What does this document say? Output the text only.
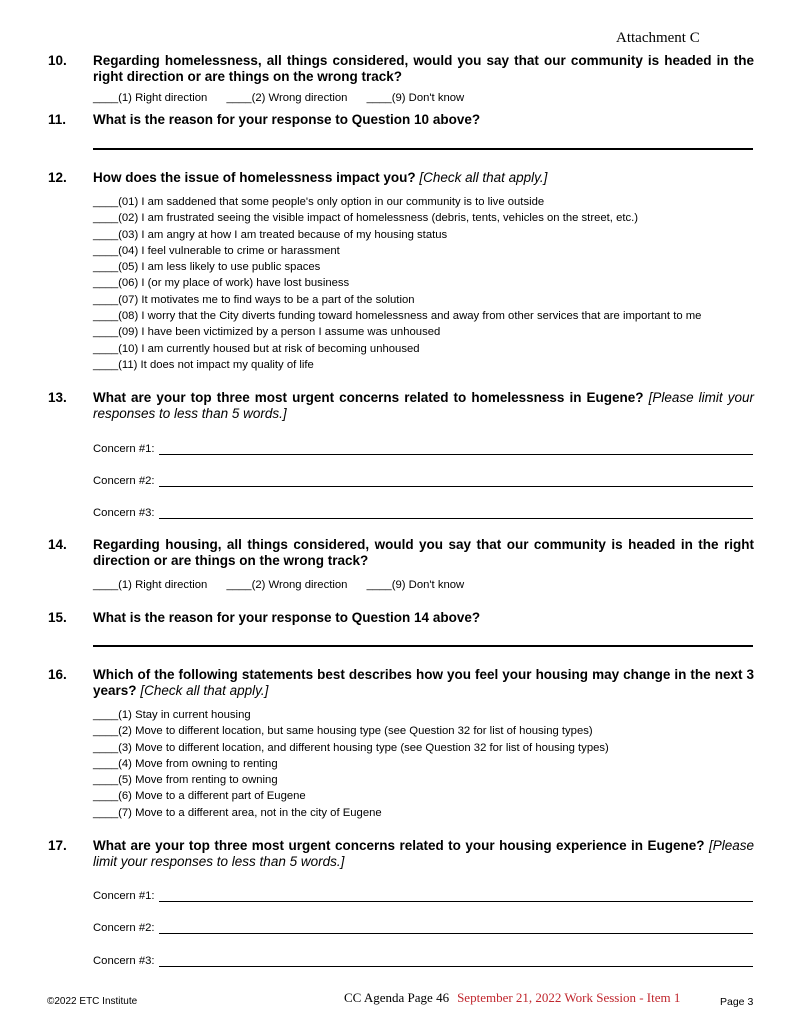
Attachment C
10. Regarding homelessness, all things considered, would you say that our community is headed in the right direction or are things on the wrong track?
____(1) Right direction ____(2) Wrong direction ____(9) Don't know
11. What is the reason for your response to Question 10 above?
12. How does the issue of homelessness impact you? [Check all that apply.]
____(01) I am saddened that some people's only option in our community is to live outside
____(02) I am frustrated seeing the visible impact of homelessness (debris, tents, vehicles on the street, etc.)
____(03) I am angry at how I am treated because of my housing status
____(04) I feel vulnerable to crime or harassment
____(05) I am less likely to use public spaces
____(06) I (or my place of work) have lost business
____(07) It motivates me to find ways to be a part of the solution
____(08) I worry that the City diverts funding toward homelessness and away from other services that are important to me
____(09) I have been victimized by a person I assume was unhoused
____(10) I am currently housed but at risk of becoming unhoused
____(11) It does not impact my quality of life
13. What are your top three most urgent concerns related to homelessness in Eugene? [Please limit your responses to less than 5 words.]
Concern #1:
Concern #2:
Concern #3:
14. Regarding housing, all things considered, would you say that our community is headed in the right direction or are things on the wrong track?
____(1) Right direction ____(2) Wrong direction ____(9) Don't know
15. What is the reason for your response to Question 14 above?
16. Which of the following statements best describes how you feel your housing may change in the next 3 years? [Check all that apply.]
____(1) Stay in current housing
____(2) Move to different location, but same housing type (see Question 32 for list of housing types)
____(3) Move to different location, and different housing type (see Question 32 for list of housing types)
____(4) Move from owning to renting
____(5) Move from renting to owning
____(6) Move to a different part of Eugene
____(7) Move to a different area, not in the city of Eugene
17. What are your top three most urgent concerns related to your housing experience in Eugene? [Please limit your responses to less than 5 words.]
Concern #1:
Concern #2:
Concern #3:
©2022 ETC Institute	CC Agenda Page 46 September 21, 2022 Work Session - Item 1	Page 3
